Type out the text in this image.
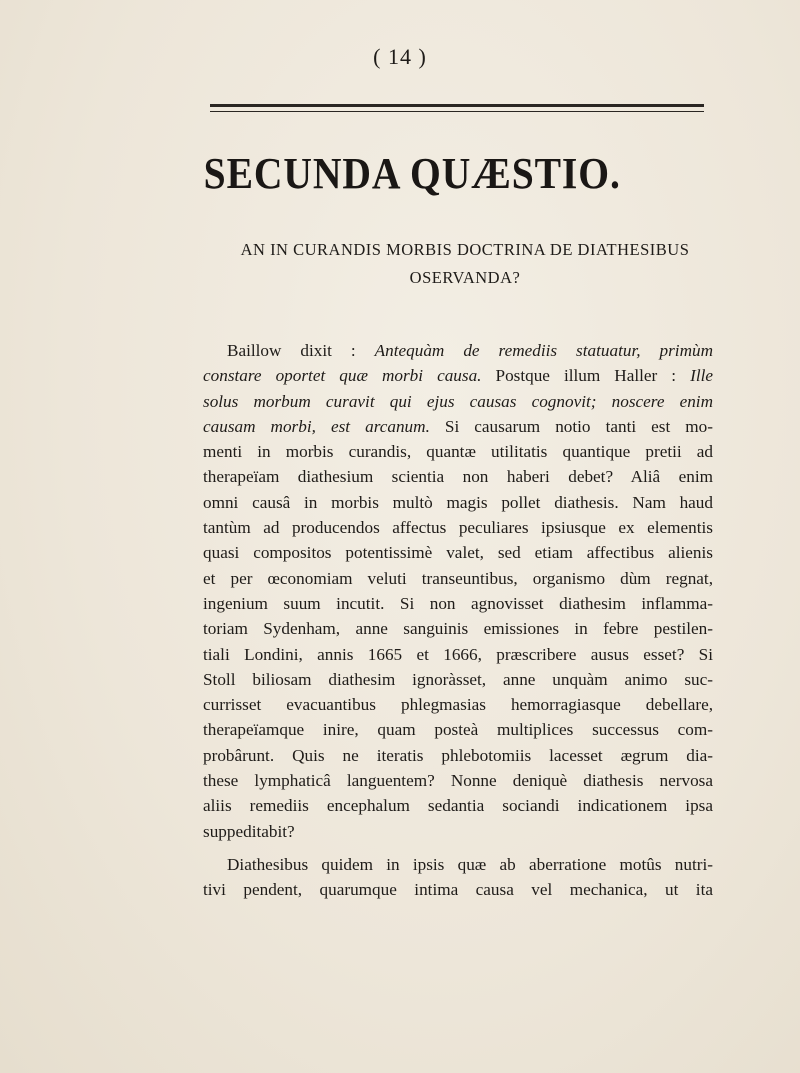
( 14 )
SECUNDA QUÆSTIO.
AN IN CURANDIS MORBIS DOCTRINA DE DIATHESIBUS
OSERVANDA?
Baillow dixit : Antequàm de remediis statuatur, primùm
constare oportet quæ morbi causa. Postque illum Haller : Ille
solus morbum curavit qui ejus causas cognovit; noscere enim
causam morbi, est arcanum. Si causarum notio tanti est mo-
menti in morbis curandis, quantæ utilitatis quantique pretii ad
therapeïam diathesium scientia non haberi debet? Aliâ enim
omni causâ in morbis multò magis pollet diathesis. Nam haud
tantùm ad producendos affectus peculiares ipsiusque ex elementis
quasi compositos potentissimè valet, sed etiam affectibus alienis
et per œconomiam veluti transeuntibus, organismo dùm regnat,
ingenium suum incutit. Si non agnovisset diathesim inflamma-
toriam Sydenham, anne sanguinis emissiones in febre pestilen-
tiali Londini, annis 1665 et 1666, præscribere ausus esset? Si
Stoll biliosam diathesim ignoràsset, anne unquàm animo suc-
currisset evacuantibus phlegmasias hemorragiasque debellare,
therapeïamque inire, quam posteà multiplices successus com-
probârunt. Quis ne iteratis phlebotomiis lacesset ægrum dia-
these lymphaticâ languentem? Nonne deniquè diathesis nervosa
aliis remediis encephalum sedantia sociandi indicationem ipsa
suppeditabit?
Diathesibus quidem in ipsis quæ ab aberratione motûs nutri-
tivi pendent, quarumque intima causa vel mechanica, ut ita
